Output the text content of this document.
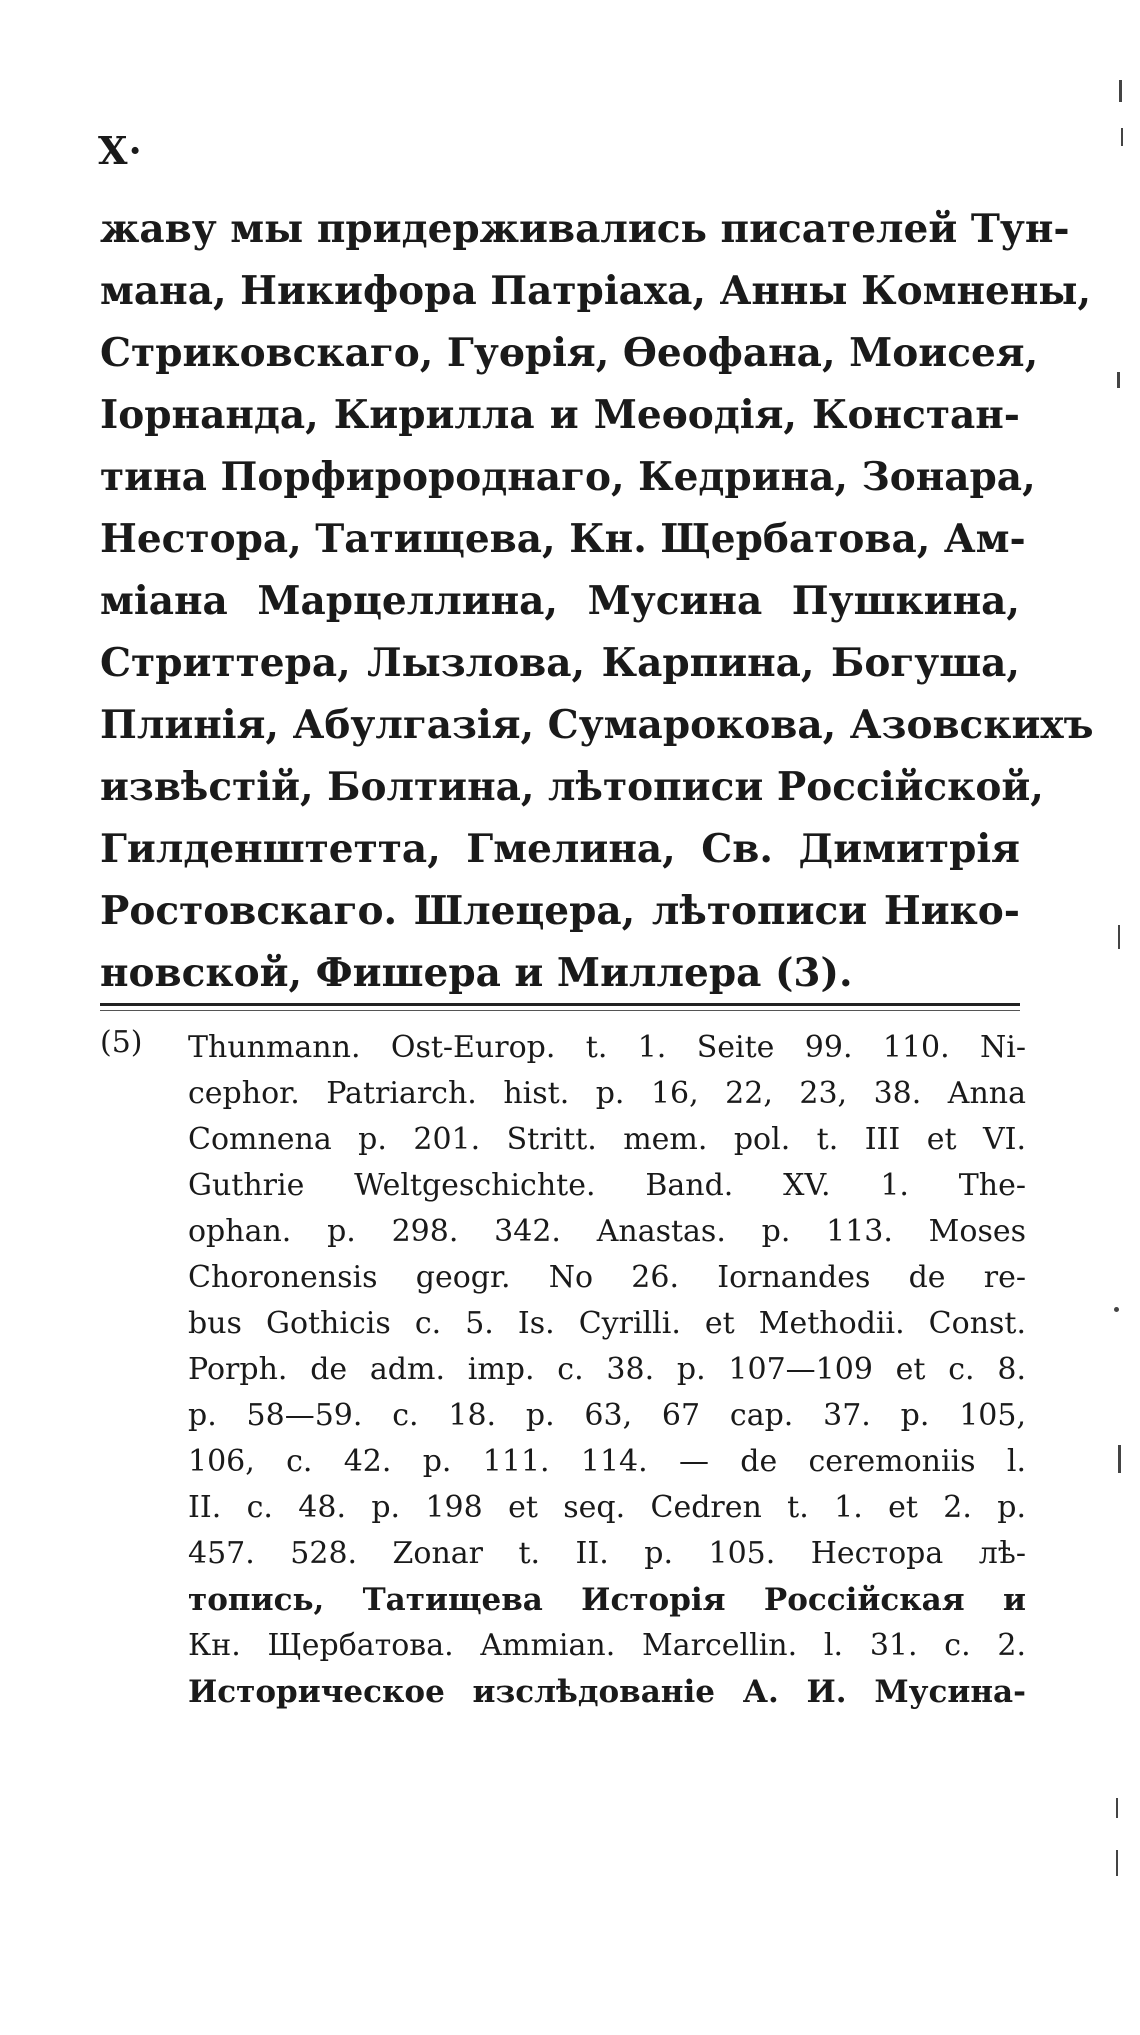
X·
жаву мы придерживались писателей Тун-
мана, Никифора Патріаха, Анны Комнены,
Стриковскаго, Гуөрія, Өеофана, Моисея,
Іорнанда, Кирилла и Меөодія, Констан-
тина Порфиророднаго, Кедрина, Зонара,
Нестора, Татищева, Кн. Щербатова, Ам-
міана Марцеллина, Мусина Пушкина,
Стриттера, Лызлова, Карпина, Богуша,
Плинія, Абулгазія, Сумарокова, Азовскихъ
извѣстій, Болтина, лѣтописи Россійской,
Гилденштетта, Гмелина, Св. Димитрія
Ростовскаго. Шлецера, лѣтописи Нико-
новской, Фишера и Миллера (3).
(5) Thunmann. Ost-Europ. t. 1. Seite 99. 110. Ni-
cephor. Patriarch. hist. p. 16, 22, 23, 38. Anna
Comnena p. 201. Stritt. mem. pol. t. III et VI.
Guthrie Weltgeschichte. Band. XV. 1. The-
ophan. p. 298. 342. Anastas. p. 113. Moses
Choronensis geogr. No 26. Iornandes de re-
bus Gothicis c. 5. Is. Cyrilli. et Methodii. Const.
Porph. de adm. imp. c. 38. p. 107—109 et c. 8.
p. 58—59. c. 18. p. 63, 67 cap. 37. p. 105,
106, c. 42. p. 111. 114. — de ceremoniis l.
II. c. 48. p. 198 et seq. Cedren t. 1. et 2. p.
457. 528. Zonar t. II. p. 105. Нестора лѣ-
топись, Татищева Исторія Россійская и
Кн. Щербатова. Ammian. Marcellin. l. 31. c. 2.
Историческое изслѣдованіе А. И. Мусина-
